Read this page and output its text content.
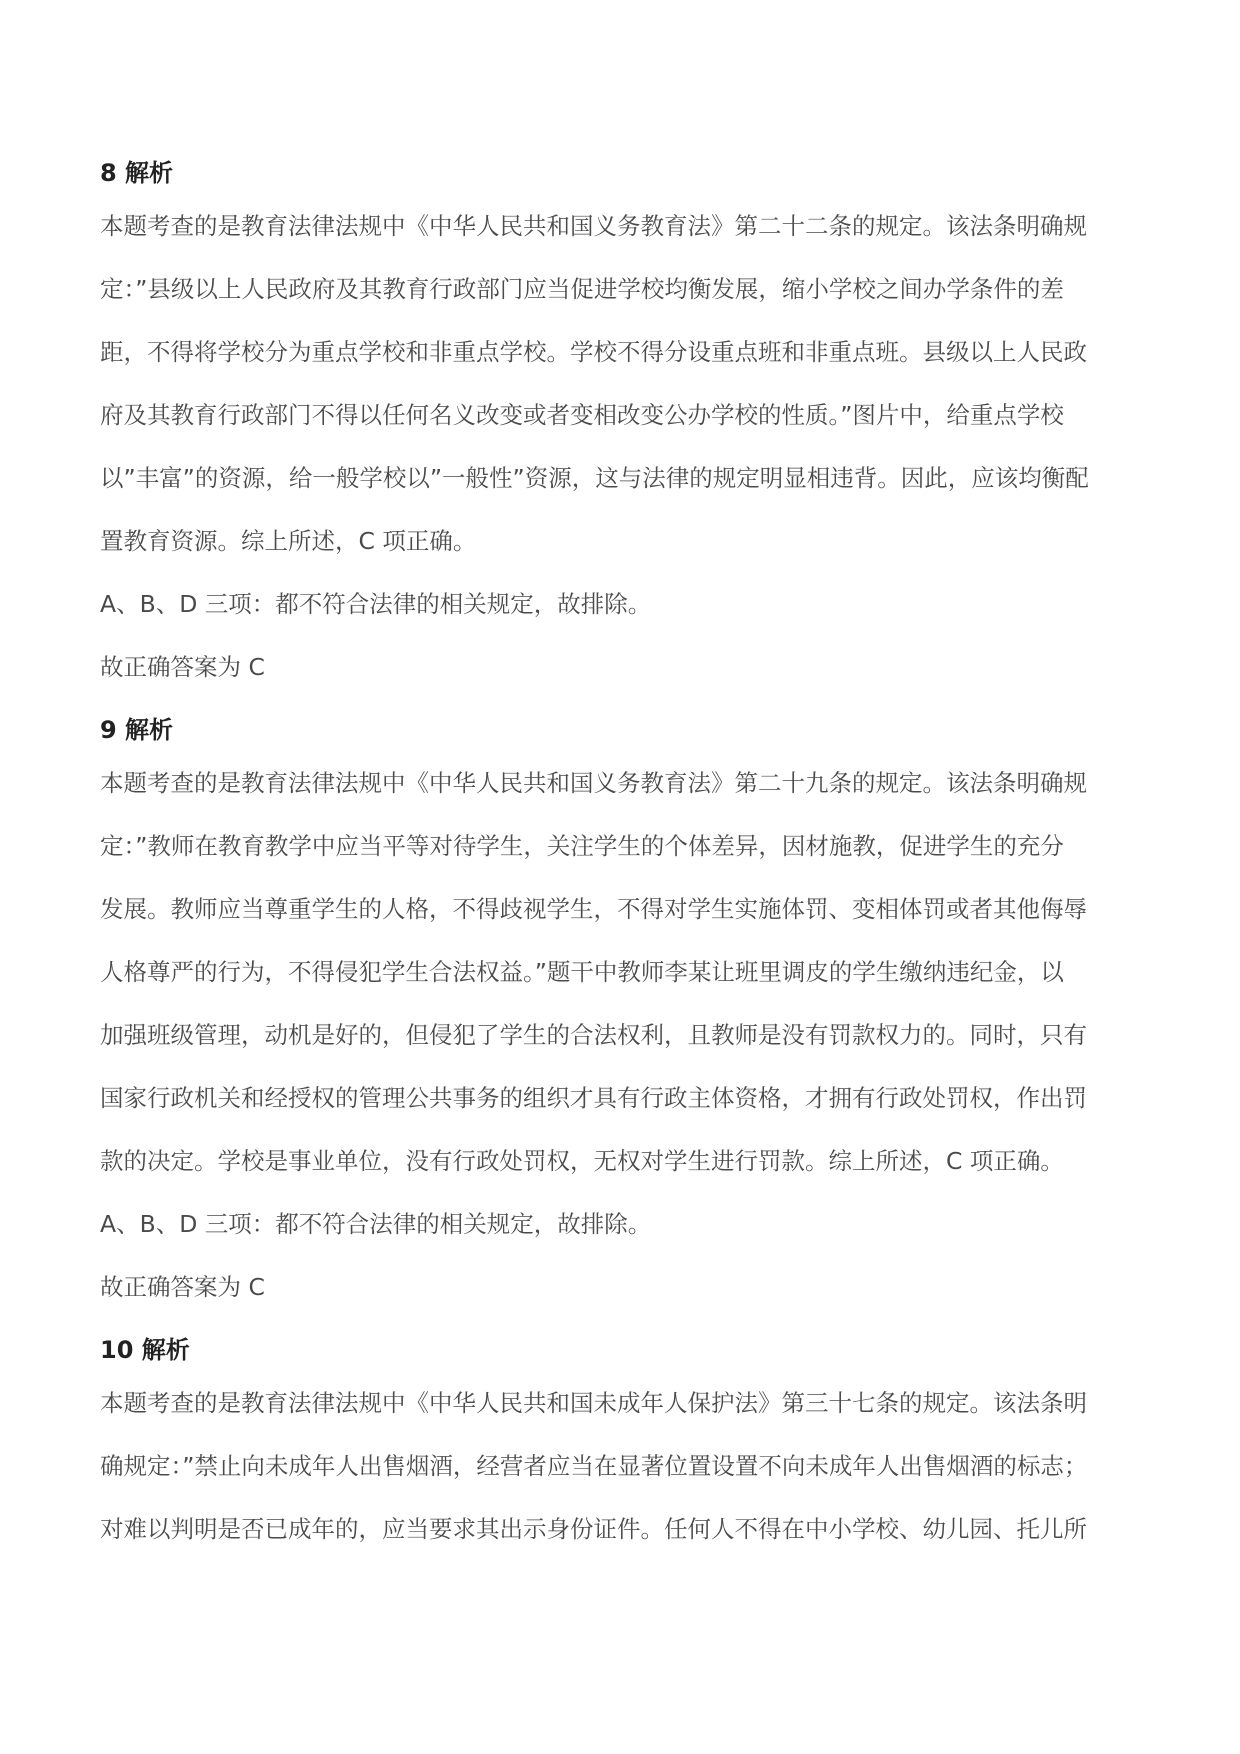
8 解析
本题考查的是教育法律法规中《中华人民共和国义务教育法》第二十二条的规定。该法条明确规
定：”县级以上人民政府及其教育行政部门应当促进学校均衡发展，缩小学校之间办学条件的差
距，不得将学校分为重点学校和非重点学校。学校不得分设重点班和非重点班。县级以上人民政
府及其教育行政部门不得以任何名义改变或者变相改变公办学校的性质。”图片中，给重点学校
以”丰富”的资源，给一般学校以”一般性”资源，这与法律的规定明显相违背。因此，应该均衡配
置教育资源。综上所述，C 项正确。
A、B、D 三项：都不符合法律的相关规定，故排除。
故正确答案为 C
9 解析
本题考查的是教育法律法规中《中华人民共和国义务教育法》第二十九条的规定。该法条明确规
定：”教师在教育教学中应当平等对待学生，关注学生的个体差异，因材施教，促进学生的充分
发展。教师应当尊重学生的人格，不得歧视学生，不得对学生实施体罚、变相体罚或者其他侮辱
人格尊严的行为，不得侵犯学生合法权益。”题干中教师李某让班里调皮的学生缴纳违纪金，以
加强班级管理，动机是好的，但侵犯了学生的合法权利，且教师是没有罚款权力的。同时，只有
国家行政机关和经授权的管理公共事务的组织才具有行政主体资格，才拥有行政处罚权，作出罚
款的决定。学校是事业单位，没有行政处罚权，无权对学生进行罚款。综上所述，C 项正确。
A、B、D 三项：都不符合法律的相关规定，故排除。
故正确答案为 C
10 解析
本题考查的是教育法律法规中《中华人民共和国未成年人保护法》第三十七条的规定。该法条明
确规定：”禁止向未成年人出售烟酒，经营者应当在显著位置设置不向未成年人出售烟酒的标志；
对难以判明是否已成年的，应当要求其出示身份证件。任何人不得在中小学校、幼儿园、托儿所
